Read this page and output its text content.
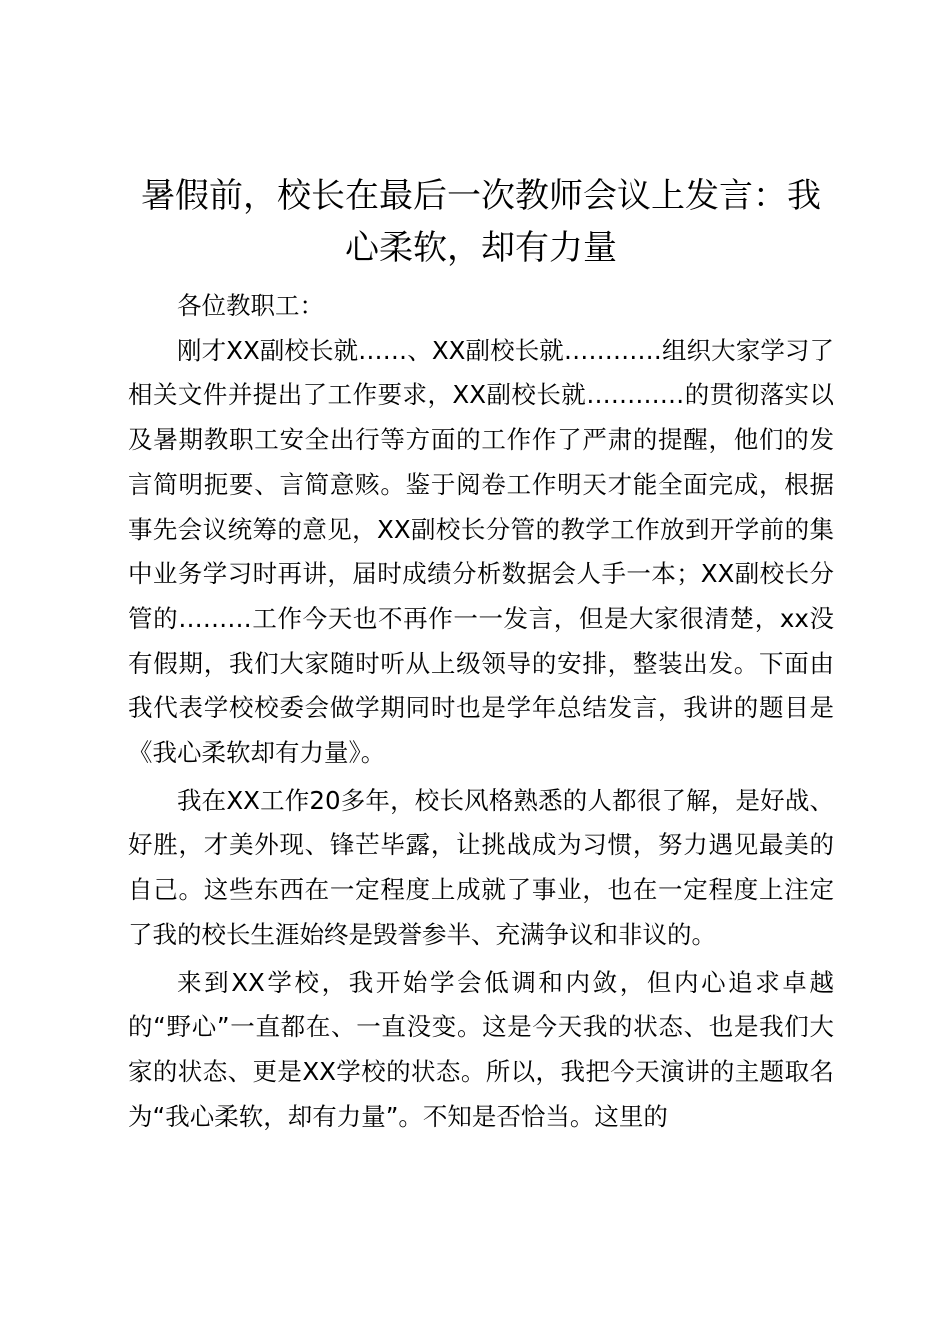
暑假前，校长在最后一次教师会议上发言：我心柔软，却有力量

各位教职工：

刚才XX副校长就……、XX副校长就…………组织大家学习了相关文件并提出了工作要求，XX副校长就…………的贯彻落实以及暑期教职工安全出行等方面的工作作了严肃的提醒，他们的发言简明扼要、言简意赅。鉴于阅卷工作明天才能全面完成，根据事先会议统筹的意见，XX副校长分管的教学工作放到开学前的集中业务学习时再讲，届时成绩分析数据会人手一本；XX副校长分管的………工作今天也不再作一一发言，但是大家很清楚，xx没有假期，我们大家随时听从上级领导的安排，整装出发。下面由我代表学校校委会做学期同时也是学年总结发言，我讲的题目是《我心柔软却有力量》。

我在XX工作20多年，校长风格熟悉的人都很了解，是好战、好胜，才美外现、锋芒毕露，让挑战成为习惯，努力遇见最美的自己。这些东西在一定程度上成就了事业，也在一定程度上注定了我的校长生涯始终是毁誉参半、充满争议和非议的。

来到XX学校，我开始学会低调和内敛，但内心追求卓越的“野心”一直都在、一直没变。这是今天我的状态、也是我们大家的状态、更是XX学校的状态。所以，我把今天演讲的主题取名为“我心柔软，却有力量”。不知是否恰当。这里的
